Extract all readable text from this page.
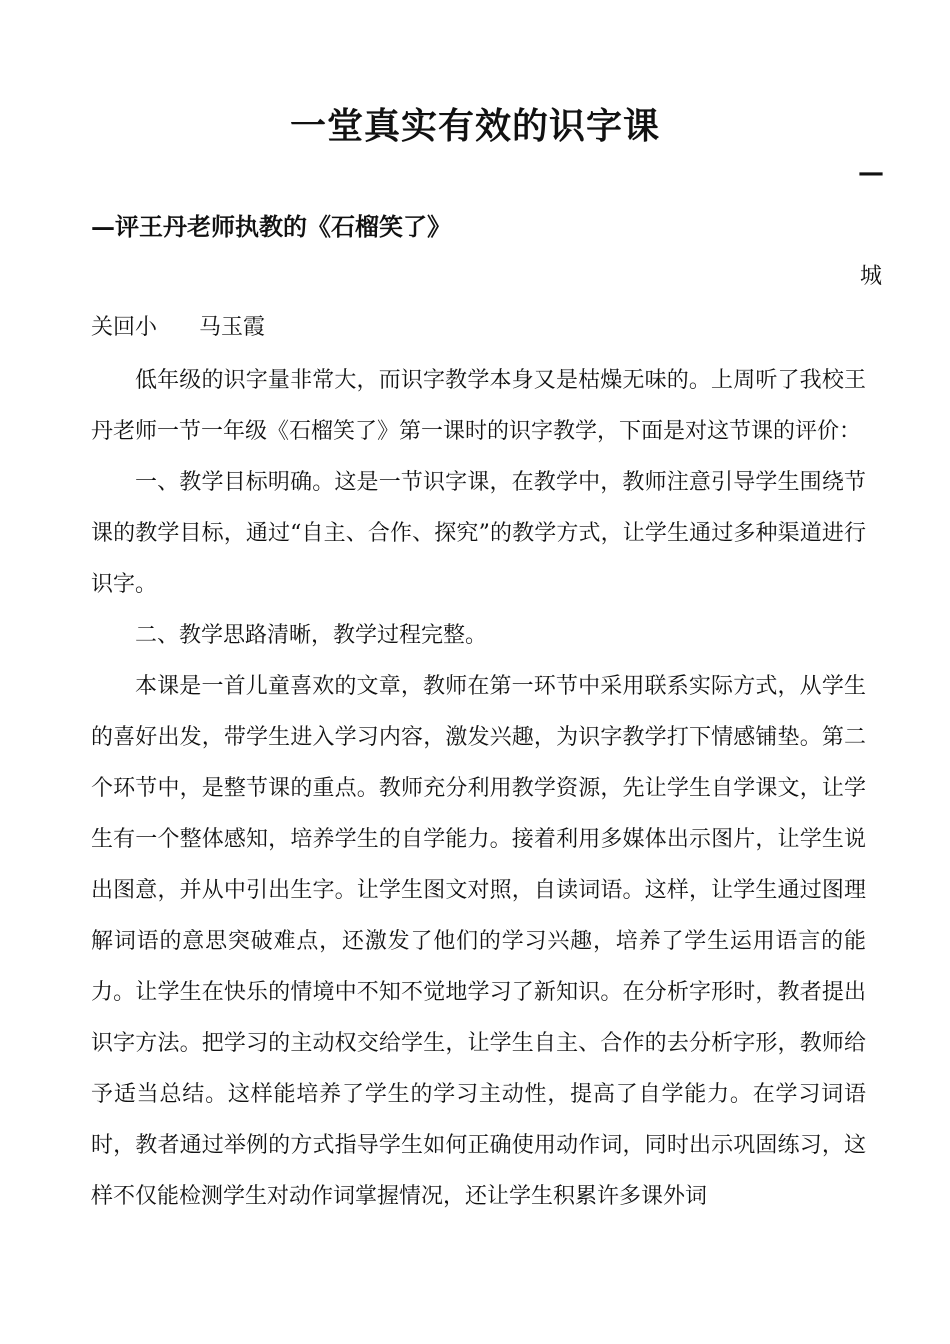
一堂真实有效的识字课
—
—评王丹老师执教的《石榴笑了》
城
关回小      马玉霞

低年级的识字量非常大，而识字教学本身又是枯燥无味的。上周听了我校王丹老师一节一年级《石榴笑了》第一课时的识字教学，下面是对这节课的评价：

一、教学目标明确。这是一节识字课，在教学中，教师注意引导学生围绕节课的教学目标，通过“自主、合作、探究”的教学方式，让学生通过多种渠道进行识字。

二、教学思路清晰，教学过程完整。

本课是一首儿童喜欢的文章，教师在第一环节中采用联系实际方式，从学生的喜好出发，带学生进入学习内容，激发兴趣，为识字教学打下情感铺垫。第二个环节中，是整节课的重点。教师充分利用教学资源，先让学生自学课文，让学生有一个整体感知，培养学生的自学能力。接着利用多媒体出示图片，让学生说出图意，并从中引出生字。让学生图文对照，自读词语。这样，让学生通过图理解词语的意思突破难点，还激发了他们的学习兴趣，培养了学生运用语言的能力。让学生在快乐的情境中不知不觉地学习了新知识。在分析字形时，教者提出识字方法。把学习的主动权交给学生，让学生自主、合作的去分析字形，教师给予适当总结。这样能培养了学生的学习主动性，提高了自学能力。在学习词语时，教者通过举例的方式指导学生如何正确使用动作词，同时出示巩固练习，这样不仅能检测学生对动作词掌握情况，还让学生积累许多课外词
